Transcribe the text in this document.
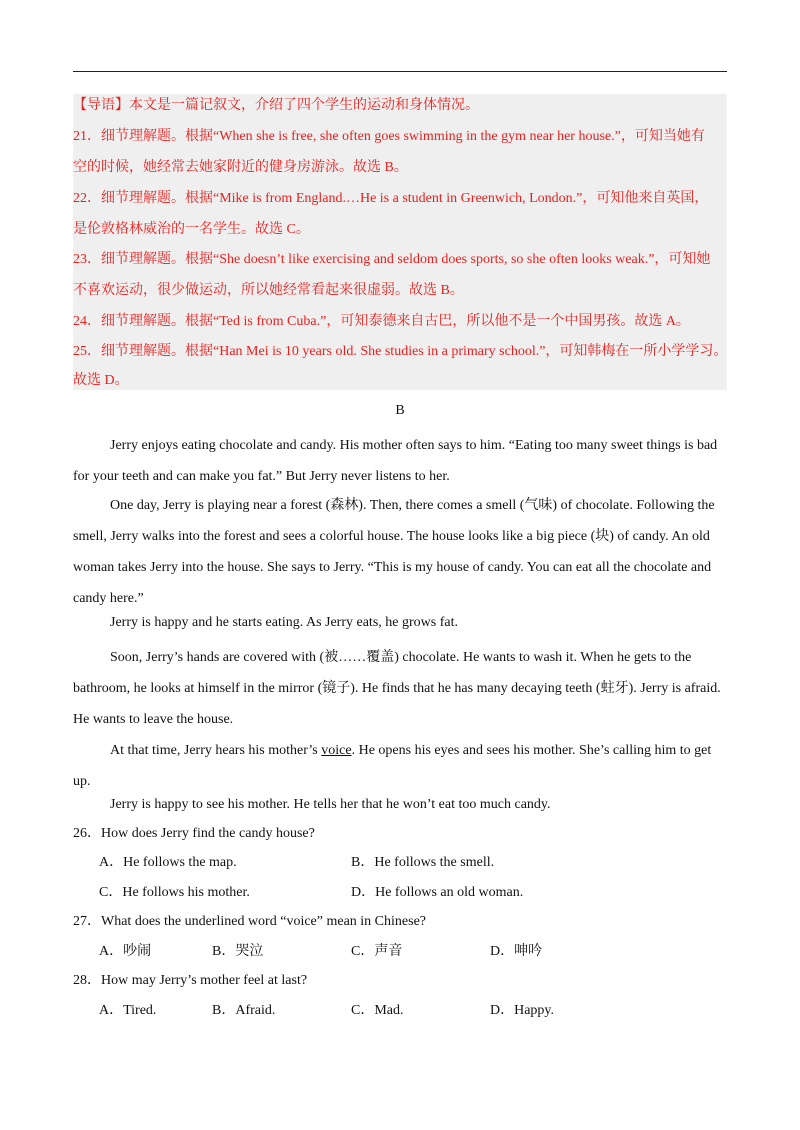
【导语】本文是一篇记叙文，介绍了四个学生的运动和身体情况。
21．细节理解题。根据“When she is free, she often goes swimming in the gym near her house.”，可知当她有
空的时候，她经常去她家附近的健身房游泳。故选 B。
22．细节理解题。根据“Mike is from England.…He is a student in Greenwich, London.”，可知他来自英国，
是伦敦格林威治的一名学生。故选 C。
23．细节理解题。根据“She doesn’t like exercising and seldom does sports, so she often looks weak.”，可知她
不喜欢运动，很少做运动，所以她经常看起来很虚弱。故选 B。
24．细节理解题。根据“Ted is from Cuba.”，可知泰德来自古巴，所以他不是一个中国男孩。故选 A。
25．细节理解题。根据“Han Mei is 10 years old. She studies in a primary school.”，可知韩梅在一所小学学习。
故选 D。
B
Jerry enjoys eating chocolate and candy. His mother often says to him. “Eating too many sweet things is bad for your teeth and can make you fat.” But Jerry never listens to her.
One day, Jerry is playing near a forest (森林). Then, there comes a smell (气味) of chocolate. Following the smell, Jerry walks into the forest and sees a colorful house. The house looks like a big piece (块) of candy. An old woman takes Jerry into the house. She says to Jerry. “This is my house of candy. You can eat all the chocolate and candy here.”
Jerry is happy and he starts eating. As Jerry eats, he grows fat.
Soon, Jerry’s hands are covered with (被……覆盖) chocolate. He wants to wash it. When he gets to the bathroom, he looks at himself in the mirror (镜子). He finds that he has many decaying teeth (蛀牙). Jerry is afraid. He wants to leave the house.
At that time, Jerry hears his mother’s voice. He opens his eyes and sees his mother. She’s calling him to get up.
Jerry is happy to see his mother. He tells her that he won’t eat too much candy.
26．How does Jerry find the candy house?
A．He follows the map.	B．He follows the smell.
C．He follows his mother.	D．He follows an old woman.
27．What does the underlined word “voice” mean in Chinese?
A．吵闹	B．哭泣	C．声音	D．呻吟
28．How may Jerry’s mother feel at last?
A．Tired.	B．Afraid.	C．Mad.	D．Happy.
